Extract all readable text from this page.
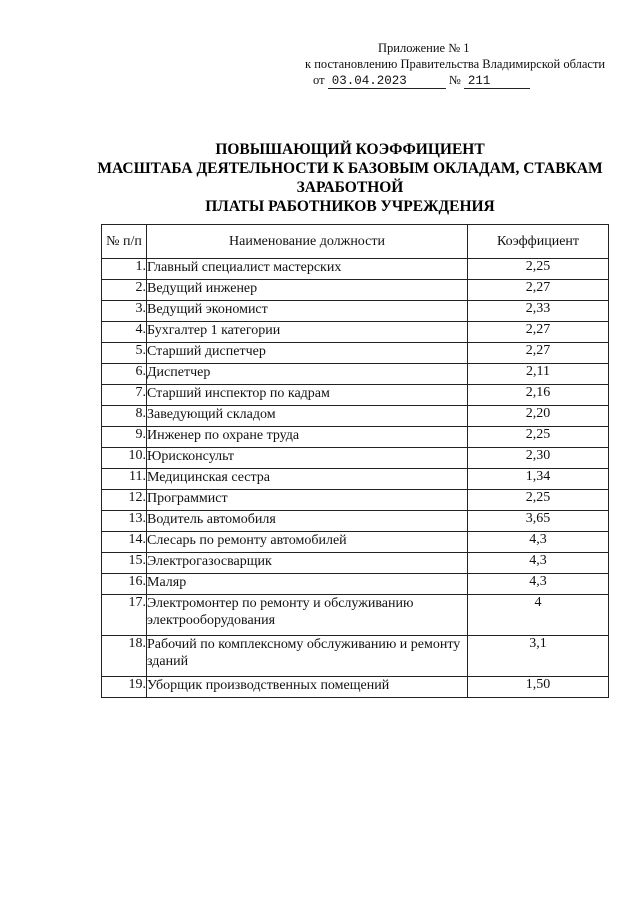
Приложение № 1
к постановлению Правительства Владимирской области
от 03.04.2023	№ 211
ПОВЫШАЮЩИЙ КОЭФФИЦИЕНТ
МАСШТАБА ДЕЯТЕЛЬНОСТИ К БАЗОВЫМ ОКЛАДАМ, СТАВКАМ
ЗАРАБОТНОЙ
ПЛАТЫ РАБОТНИКОВ УЧРЕЖДЕНИЯ
№ п/п	Наименование должности	Коэффициент
1.	Главный специалист мастерских	2,25
2.	Ведущий инженер	2,27
3.	Ведущий экономист	2,33
4.	Бухгалтер 1 категории	2,27
5.	Старший диспетчер	2,27
6.	Диспетчер	2,11
7.	Старший инспектор по кадрам	2,16
8.	Заведующий складом	2,20
9.	Инженер по охране труда	2,25
10.	Юрисконсульт	2,30
11.	Медицинская сестра	1,34
12.	Программист	2,25
13.	Водитель автомобиля	3,65
14.	Слесарь по ремонту автомобилей	4,3
15.	Электрогазосварщик	4,3
16.	Маляр	4,3
17.	Электромонтер по ремонту и обслуживанию электрооборудования	4
18.	Рабочий по комплексному обслуживанию и ремонту зданий	3,1
19.	Уборщик производственных помещений	1,50
